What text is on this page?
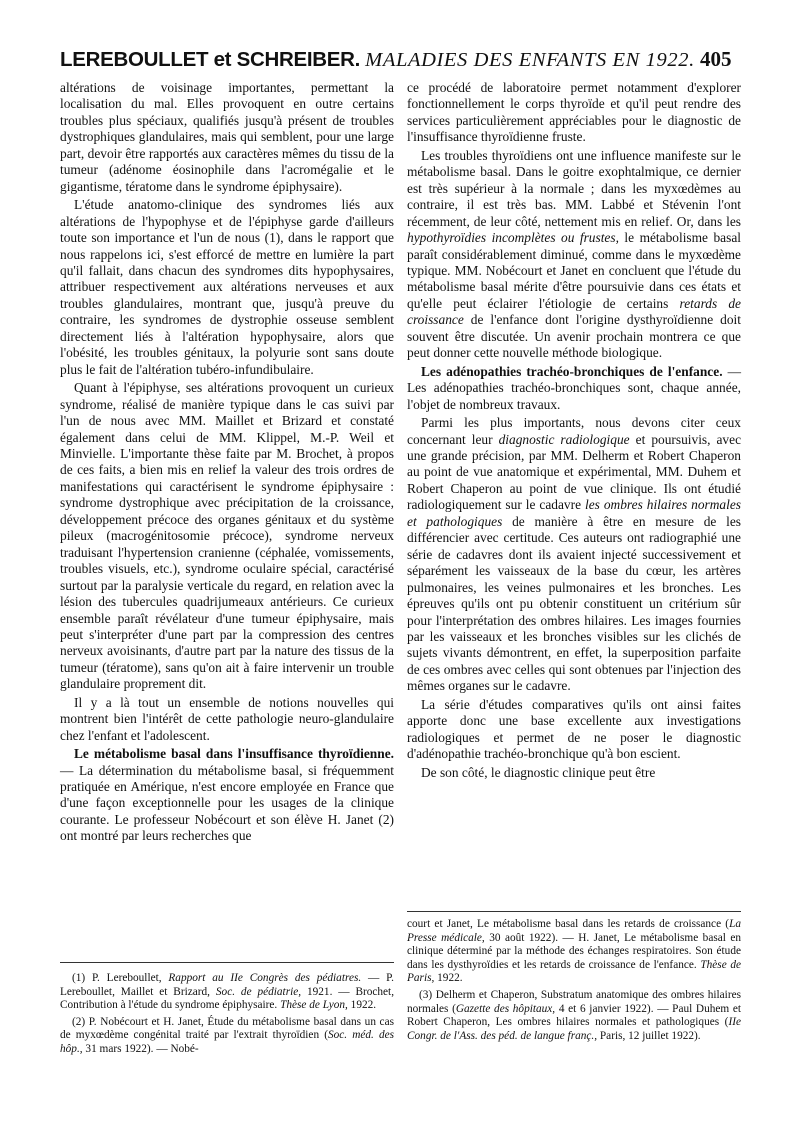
LEREBOULLET et SCHREIBER. MALADIES DES ENFANTS EN 1922. 405

altérations de voisinage importantes, permettant la localisation du mal. Elles provoquent en outre certains troubles plus spéciaux, qualifiés jusqu'à présent de troubles dystrophiques glandulaires, mais qui semblent, pour une large part, devoir être rapportés aux caractères mêmes du tissu de la tumeur (adénome éosinophile dans l'acromégalie et le gigantisme, tératome dans le syndrome épiphysaire).

L'étude anatomo-clinique des syndromes liés aux altérations de l'hypophyse et de l'épiphyse garde d'ailleurs toute son importance et l'un de nous (1), dans le rapport que nous rappelons ici, s'est efforcé de mettre en lumière la part qu'il fallait, dans chacun des syndromes dits hypophysaires, attribuer respectivement aux altérations nerveuses et aux troubles glandulaires, montrant que, jusqu'à preuve du contraire, les syndromes de dystrophie osseuse semblent directement liés à l'altération hypophysaire, alors que l'obésité, les troubles génitaux, la polyurie sont sans doute plus le fait de l'altération tubéro-infundibulaire.

Quant à l'épiphyse, ses altérations provoquent un curieux syndrome, réalisé de manière typique dans le cas suivi par l'un de nous avec MM. Maillet et Brizard et constaté également dans celui de MM. Klippel, M.-P. Weil et Minvielle. L'importante thèse faite par M. Brochet, à propos de ces faits, a bien mis en relief la valeur des trois ordres de manifestations qui caractérisent le syndrome épiphysaire : syndrome dystrophique avec précipitation de la croissance, développement précoce des organes génitaux et du système pileux (macrogénitosomie précoce), syndrome nerveux traduisant l'hypertension cranienne (céphalée, vomissements, troubles visuels, etc.), syndrome oculaire spécial, caractérisé surtout par la paralysie verticale du regard, en relation avec la lésion des tubercules quadrijumeaux antérieurs. Ce curieux ensemble paraît révélateur d'une tumeur épiphysaire, mais peut s'interpréter d'une part par la compression des centres nerveux avoisinants, d'autre part par la nature des tissus de la tumeur (tératome), sans qu'on ait à faire intervenir un trouble glandulaire proprement dit.

Il y a là tout un ensemble de notions nouvelles qui montrent bien l'intérêt de cette pathologie neuro-glandulaire chez l'enfant et l'adolescent.

Le métabolisme basal dans l'insuffisance thyroïdienne. — La détermination du métabolisme basal, si fréquemment pratiquée en Amérique, n'est encore employée en France que d'une façon exceptionnelle pour les usages de la clinique courante. Le professeur Nobécourt et son élève H. Janet (2) ont montré par leurs recherches que

ce procédé de laboratoire permet notamment d'explorer fonctionnellement le corps thyroïde et qu'il peut rendre des services particulièrement appréciables pour le diagnostic de l'insuffisance thyroïdienne fruste.

Les troubles thyroïdiens ont une influence manifeste sur le métabolisme basal. Dans le goitre exophtalmique, ce dernier est très supérieur à la normale ; dans les myxœdèmes au contraire, il est très bas. MM. Labbé et Stévenin l'ont récemment, de leur côté, nettement mis en relief. Or, dans les hypothyroïdies incomplètes ou frustes, le métabolisme basal paraît considérablement diminué, comme dans le myxœdème typique. MM. Nobécourt et Janet en concluent que l'étude du métabolisme basal mérite d'être poursuivie dans ces états et qu'elle peut éclairer l'étiologie de certains retards de croissance de l'enfance dont l'origine dysthyroïdienne doit souvent être discutée. Un avenir prochain montrera ce que peut donner cette nouvelle méthode biologique.

Les adénopathies trachéo-bronchiques de l'enfance. — Les adénopathies trachéo-bronchiques sont, chaque année, l'objet de nombreux travaux.

Parmi les plus importants, nous devons citer ceux concernant leur diagnostic radiologique et poursuivis, avec une grande précision, par MM. Delherm et Robert Chaperon au point de vue anatomique et expérimental, MM. Duhem et Robert Chaperon au point de vue clinique. Ils ont étudié radiologiquement sur le cadavre les ombres hilaires normales et pathologiques de manière à être en mesure de les différencier avec certitude. Ces auteurs ont radiographié une série de cadavres dont ils avaient injecté successivement et séparément les vaisseaux de la base du cœur, les artères pulmonaires, les veines pulmonaires et les bronches. Les épreuves qu'ils ont pu obtenir constituent un critérium sûr pour l'interprétation des ombres hilaires. Les images fournies par les vaisseaux et les bronches visibles sur les clichés de sujets vivants démontrent, en effet, la superposition parfaite de ces ombres avec celles qui sont obtenues par l'injection des mêmes organes sur le cadavre.

La série d'études comparatives qu'ils ont ainsi faites apporte donc une base excellente aux investigations radiologiques et permet de ne poser le diagnostic d'adénopathie trachéo-bronchique qu'à bon escient.

De son côté, le diagnostic clinique peut être

(1) P. Lereboullet, Rapport au IIe Congrès des pédiatres. — P. Lereboullet, Maillet et Brizard, Soc. de pédiatrie, 1921. — Brochet, Contribution à l'étude du syndrome épiphysaire. Thèse de Lyon, 1922.

(2) P. Nobécourt et H. Janet, Étude du métabolisme basal dans un cas de myxœdème congénital traité par l'extrait thyroïdien (Soc. méd. des hôp., 31 mars 1922). — Nobé-

court et Janet, Le métabolisme basal dans les retards de croissance (La Presse médicale, 30 août 1922). — H. Janet, Le métabolisme basal en clinique déterminé par la méthode des échanges respiratoires. Son étude dans les dysthyroïdies et les retards de croissance de l'enfance. Thèse de Paris, 1922.

(3) Delherm et Chaperon, Substratum anatomique des ombres hilaires normales (Gazette des hôpitaux, 4 et 6 janvier 1922). — Paul Duhem et Robert Chaperon, Les ombres hilaires normales et pathologiques (IIe Congr. de l'Ass. des péd. de langue franç., Paris, 12 juillet 1922).
